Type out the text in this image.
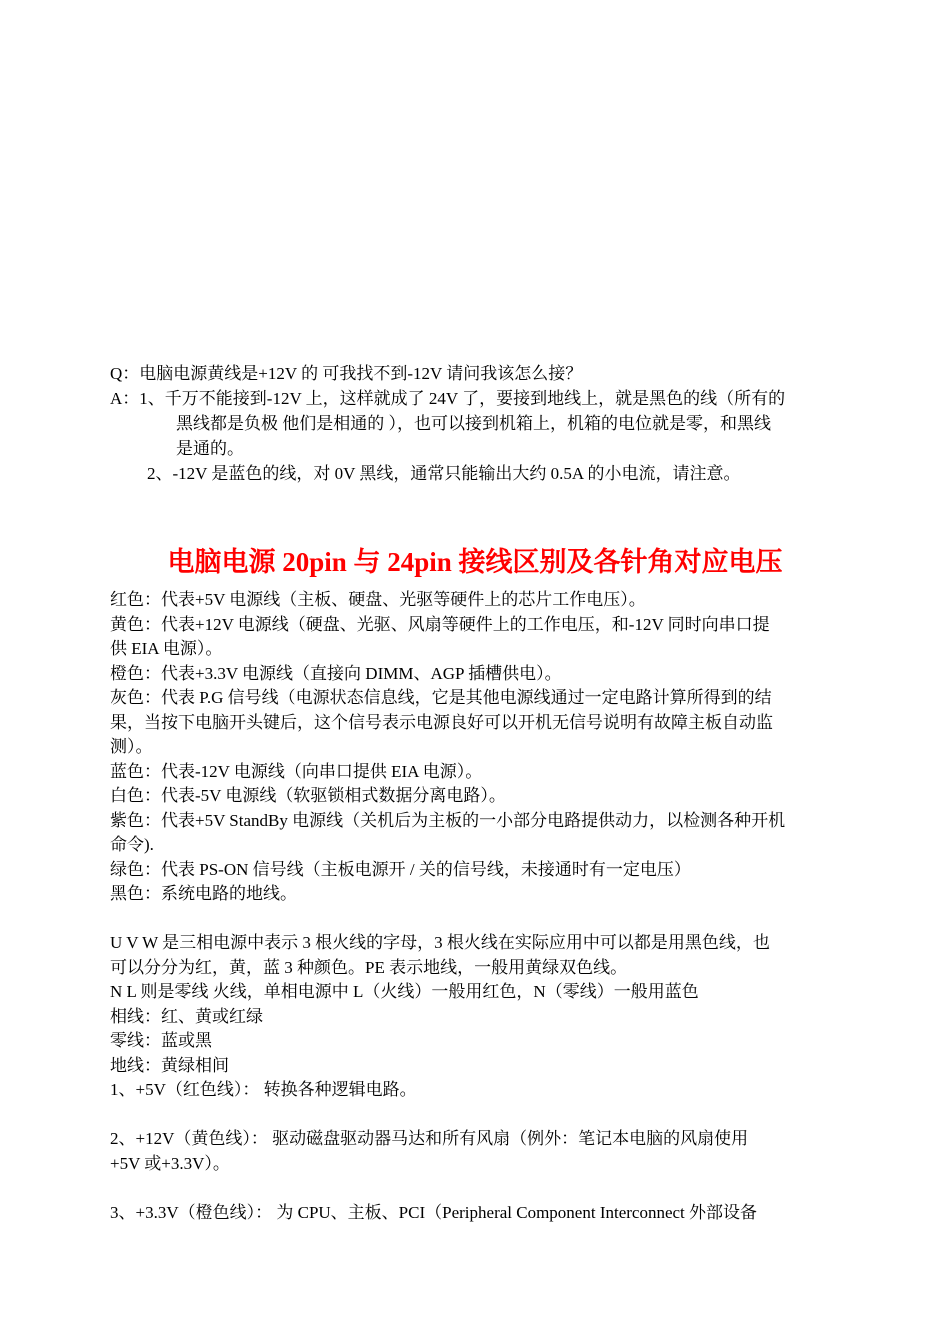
Q：电脑电源黄线是+12V 的 可我找不到-12V 请问我该怎么接？
A：1、千万不能接到-12V 上，这样就成了 24V 了，要接到地线上，就是黑色的线（所有的
黑线都是负极 他们是相通的 ），也可以接到机箱上，机箱的电位就是零，和黑线
是通的。
2、-12V 是蓝色的线，对 0V 黑线，通常只能输出大约 0.5A 的小电流，请注意。
电脑电源 20pin 与 24pin 接线区别及各针角对应电压
红色：代表+5V 电源线（主板、硬盘、光驱等硬件上的芯片工作电压）。
黄色：代表+12V 电源线（硬盘、光驱、风扇等硬件上的工作电压，和-12V 同时向串口提
供 EIA 电源）。
橙色：代表+3.3V 电源线（直接向 DIMM、AGP 插槽供电）。
灰色：代表 P.G 信号线（电源状态信息线，它是其他电源线通过一定电路计算所得到的结
果，当按下电脑开头键后，这个信号表示电源良好可以开机无信号说明有故障主板自动监
测）。
蓝色：代表-12V 电源线（向串口提供 EIA 电源）。
白色：代表-5V 电源线（软驱锁相式数据分离电路）。
紫色：代表+5V StandBy 电源线（关机后为主板的一小部分电路提供动力，以检测各种开机
命令).
绿色：代表 PS-ON 信号线（主板电源开 / 关的信号线，未接通时有一定电压）
黑色：系统电路的地线。
U V W 是三相电源中表示 3 根火线的字母，3 根火线在实际应用中可以都是用黑色线，也
可以分分为红，黄，蓝 3 种颜色。PE 表示地线，一般用黄绿双色线。
N L 则是零线 火线，单相电源中 L（火线）一般用红色，N（零线）一般用蓝色
相线：红、黄或红绿
零线：蓝或黑
地线：黄绿相间
1、+5V（红色线）： 转换各种逻辑电路。
2、+12V（黄色线）： 驱动磁盘驱动器马达和所有风扇（例外：笔记本电脑的风扇使用
+5V 或+3.3V）。
3、+3.3V（橙色线）： 为 CPU、主板、PCI（Peripheral Component Interconnect 外部设备
